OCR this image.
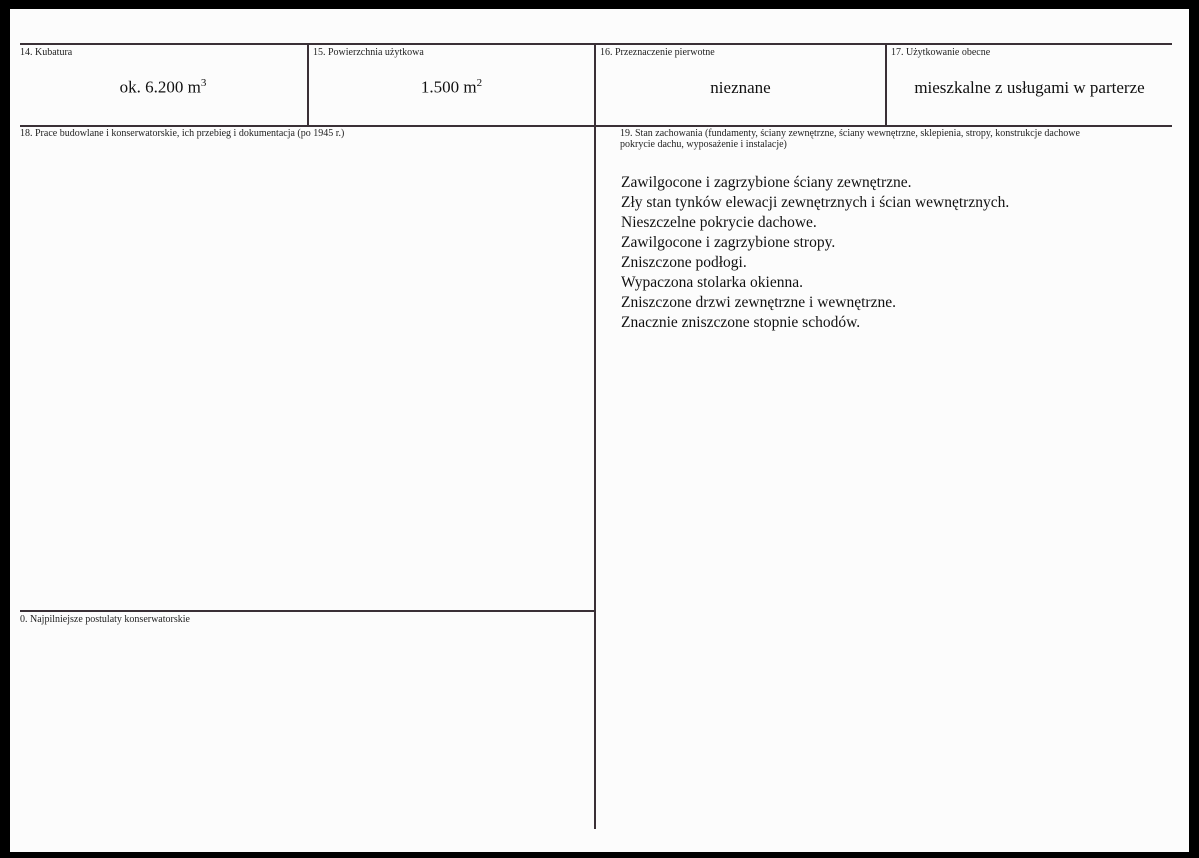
14. Kubatura
ok. 6.200 $m^3$
15. Powierzchnia użytkowa
1.500 $m^2$
16. Przeznaczenie pierwotne
nieznane
17. Użytkowanie obecne
mieszkalne z usługami w parterze
18. Prace budowlane i konserwatorskie, ich przebieg i dokumentacja (po 1945 r.)	19. Stan zachowania (fundamenty, ściany zewnętrzne, ściany wewnętrzne, sklepienia, stropy, konstrukcje dachowe
pokrycie dachu, wyposażenie i instalacje)
Zawilgocone i zagrzybione ściany zewnętrzne.
Zły stan tynków elewacji zewnętrznych i ścian wewnętrznych.
Nieszczelne pokrycie dachowe.
Zawilgocone i zagrzybione stropy.
Zniszczone podłogi.
Wypaczona stolarka okienna.
Zniszczone drzwi zewnętrzne i wewnętrzne.
Znacznie zniszczone stopnie schodów.
0. Najpilniejsze postulaty konserwatorskie
